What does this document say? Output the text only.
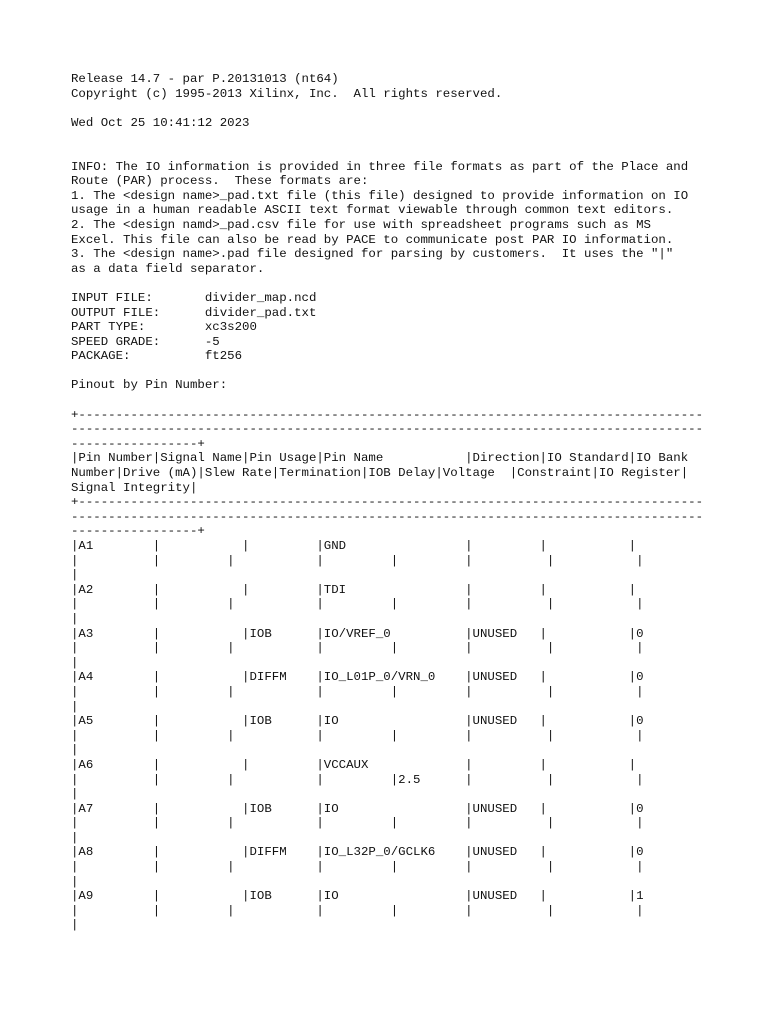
Release 14.7 - par P.20131013 (nt64)
Copyright (c) 1995-2013 Xilinx, Inc.  All rights reserved.
Wed Oct 25 10:41:12 2023
INFO: The IO information is provided in three file formats as part of the Place and
Route (PAR) process.  These formats are:
1. The <design name>_pad.txt file (this file) designed to provide information on IO
usage in a human readable ASCII text format viewable through common text editors.
2. The <design namd>_pad.csv file for use with spreadsheet programs such as MS
Excel. This file can also be read by PACE to communicate post PAR IO information.
3. The <design name>.pad file designed for parsing by customers.  It uses the "|"
as a data field separator.
INPUT FILE:       divider_map.ncd
OUTPUT FILE:      divider_pad.txt
PART TYPE:        xc3s200
SPEED GRADE:      -5
PACKAGE:          ft256
Pinout by Pin Number:
+------------------------------------------------------------------------------------
-------------------------------------------------------------------------------------
-----------------+
|Pin Number|Signal Name|Pin Usage|Pin Name           |Direction|IO Standard|IO Bank
Number|Drive (mA)|Slew Rate|Termination|IOB Delay|Voltage  |Constraint|IO Register|
Signal Integrity|
+------------------------------------------------------------------------------------
-------------------------------------------------------------------------------------
-----------------+
|A1        |           |         |GND                |         |           |
|          |         |           |         |         |          |           |
|
|A2        |           |         |TDI                |         |           |
|          |         |           |         |         |          |           |
|
|A3        |           |IOB      |IO/VREF_0          |UNUSED   |           |0
|          |         |           |         |         |          |           |
|
|A4        |           |DIFFM    |IO_L01P_0/VRN_0    |UNUSED   |           |0
|          |         |           |         |         |          |           |
|
|A5        |           |IOB      |IO                 |UNUSED   |           |0
|          |         |           |         |         |          |           |
|
|A6        |           |         |VCCAUX             |         |           |
|          |         |           |         |2.5      |          |           |
|
|A7        |           |IOB      |IO                 |UNUSED   |           |0
|          |         |           |         |         |          |           |
|
|A8        |           |DIFFM    |IO_L32P_0/GCLK6    |UNUSED   |           |0
|          |         |           |         |         |          |           |
|
|A9        |           |IOB      |IO                 |UNUSED   |           |1
|          |         |           |         |         |          |           |
|
